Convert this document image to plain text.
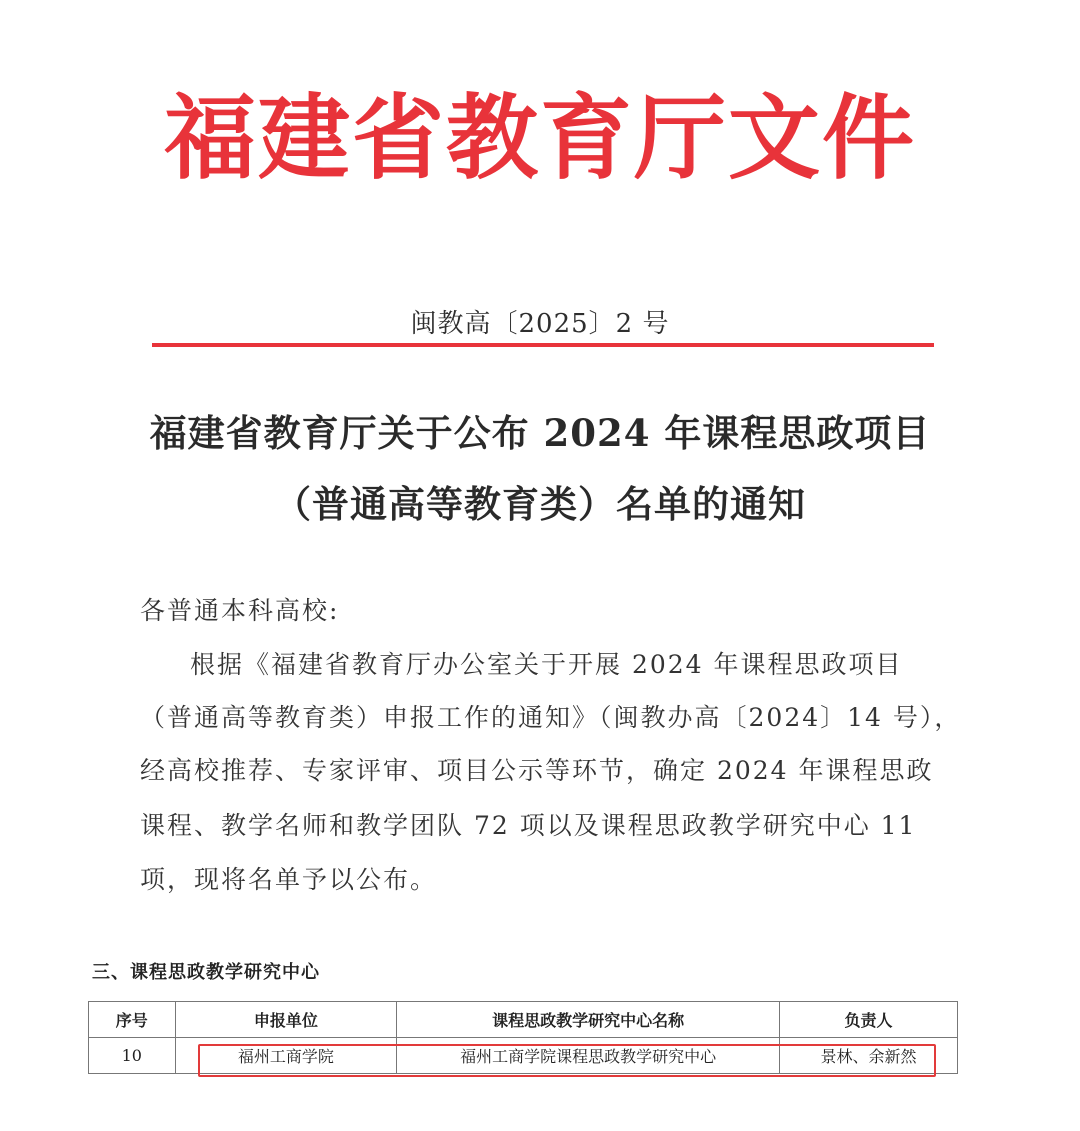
福建省教育厅文件
闽教高〔2025〕2 号
福建省教育厅关于公布 2024 年课程思政项目
（普通高等教育类）名单的通知
各普通本科高校:
根据《福建省教育厅办公室关于开展 2024 年课程思政项目
（普通高等教育类）申报工作的通知》（闽教办高〔2024〕14 号），
经高校推荐、专家评审、项目公示等环节，确定 2024 年课程思政
课程、教学名师和教学团队 72 项以及课程思政教学研究中心 11
项，现将名单予以公布。
三、课程思政教学研究中心
序号	申报单位	课程思政教学研究中心名称	负责人
10	福州工商学院	福州工商学院课程思政教学研究中心	景林、余新然
